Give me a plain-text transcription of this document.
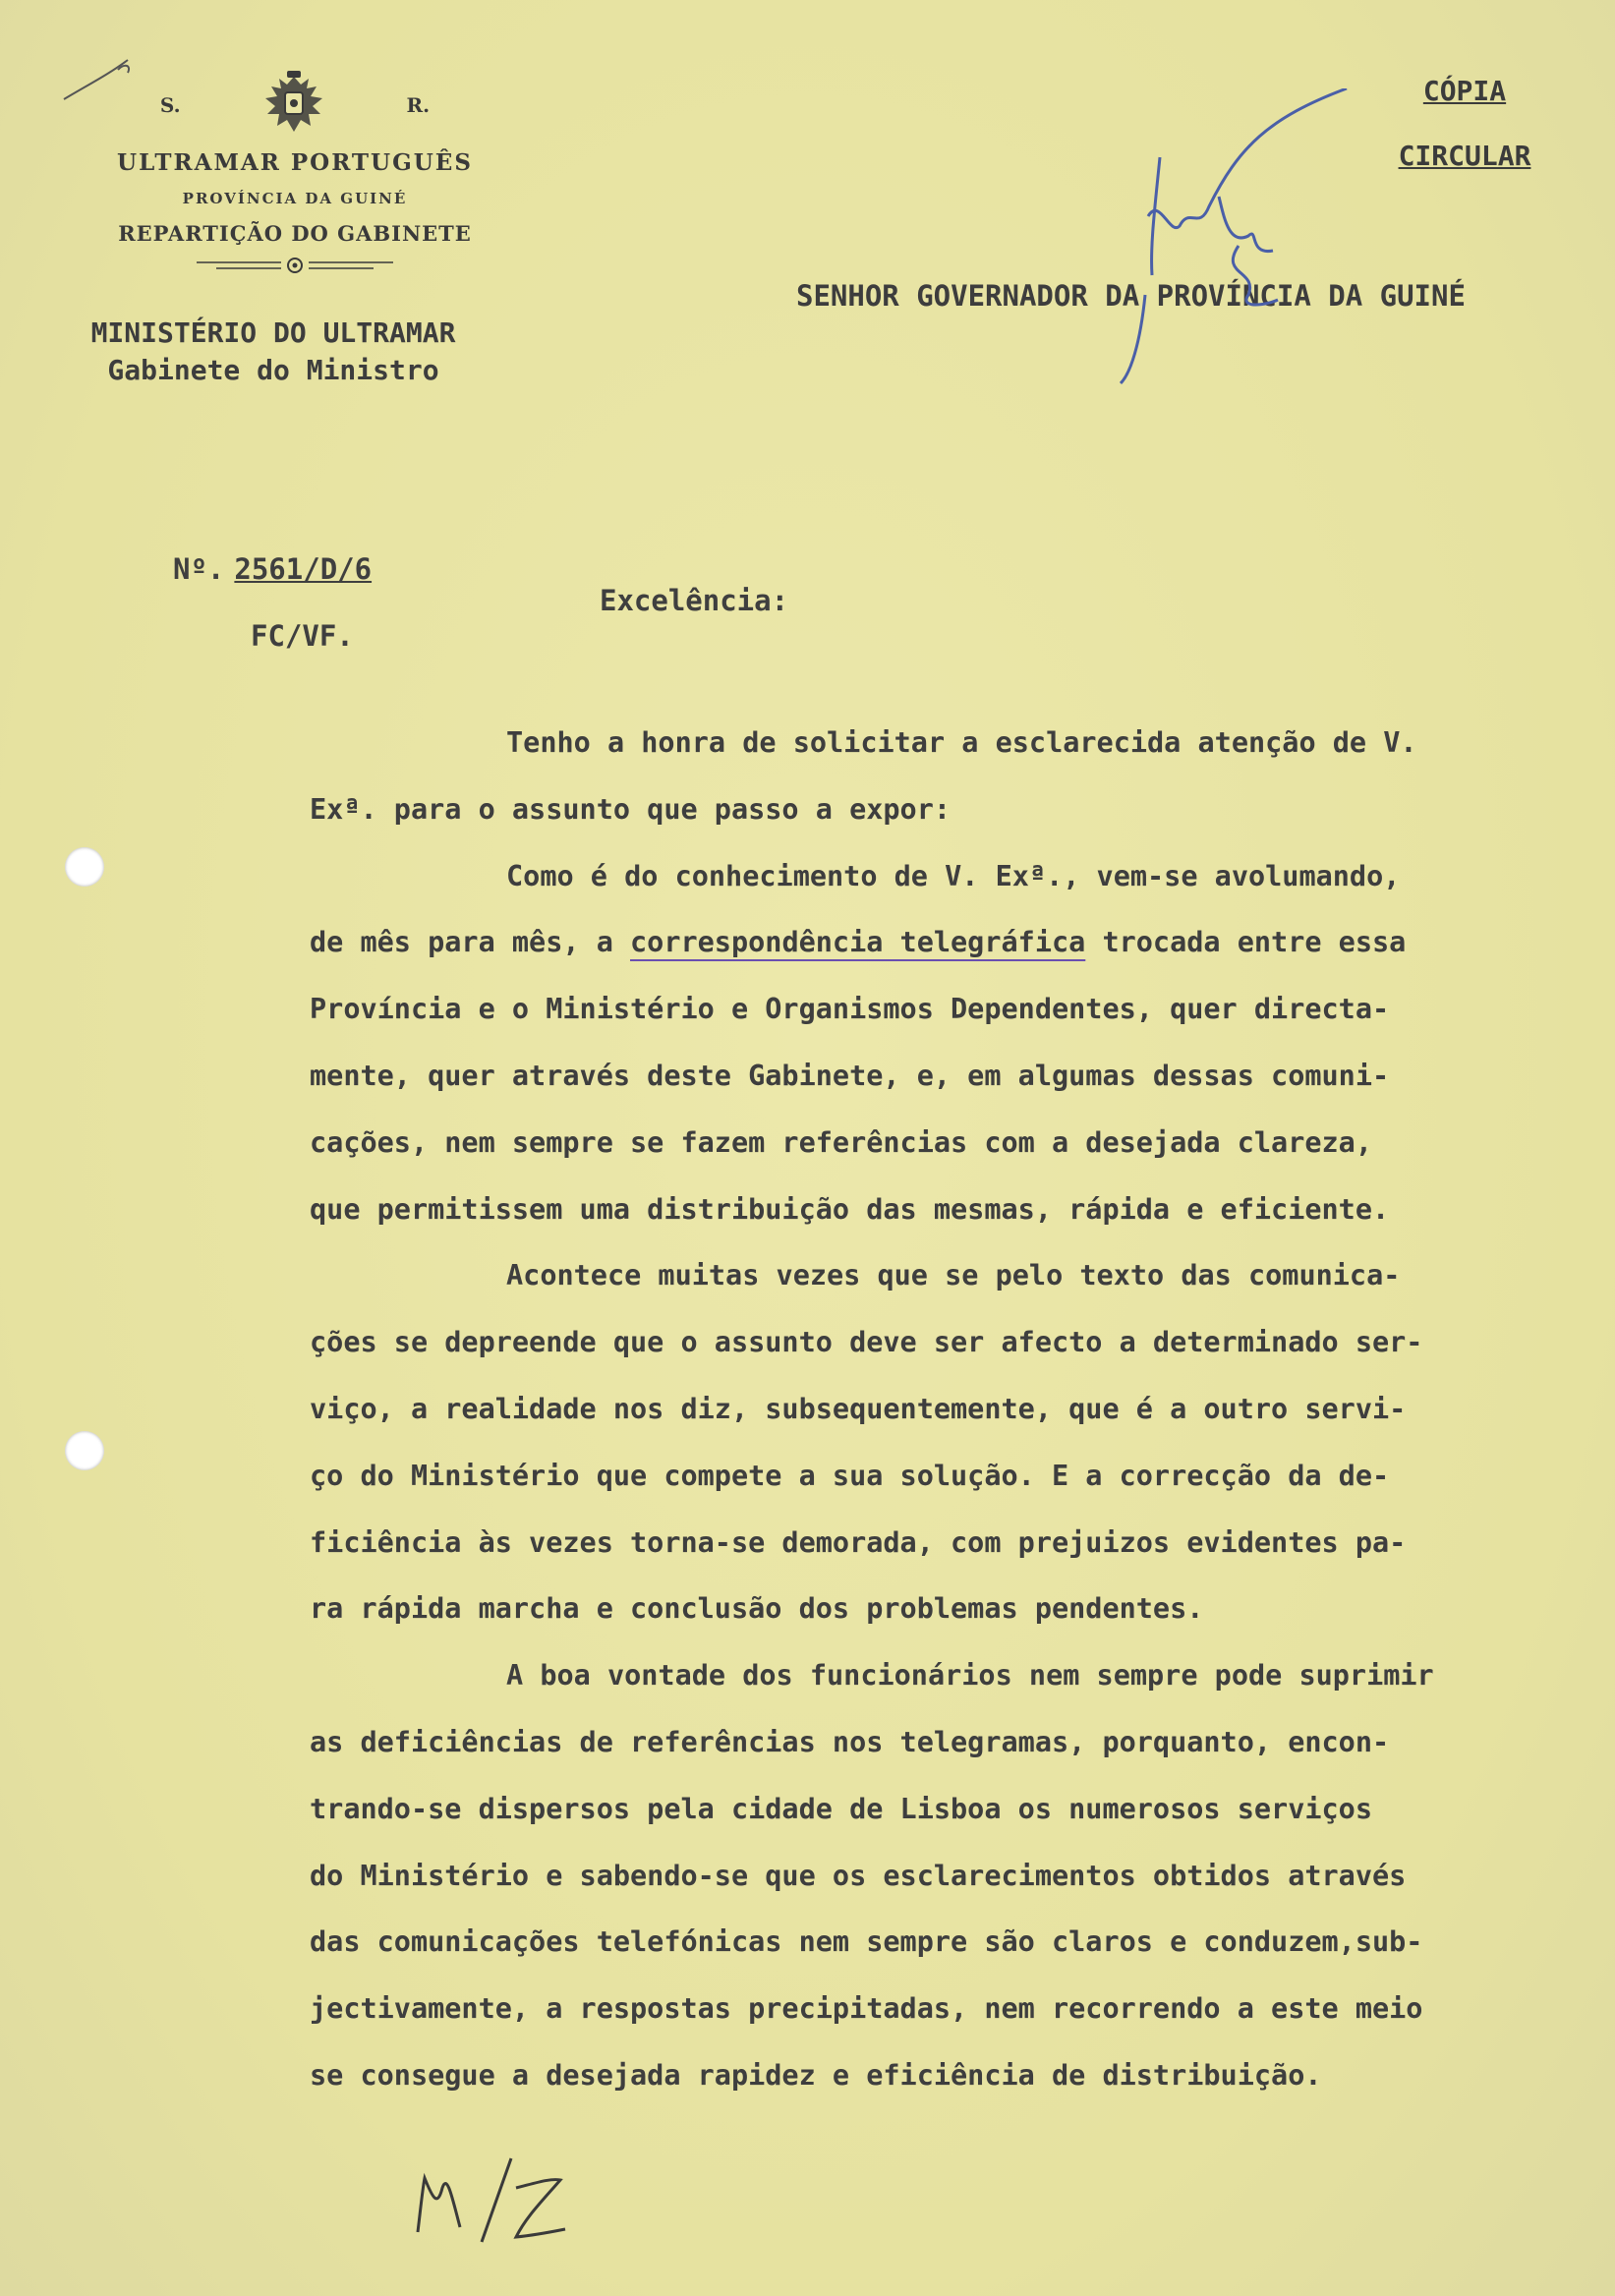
S.	R.
ULTRAMAR PORTUGUÊS
PROVÍNCIA DA GUINÉ
REPARTIÇÃO DO GABINETE
MINISTÉRIO DO ULTRAMAR
Gabinete do Ministro
CÓPIA
CIRCULAR
SENHOR GOVERNADOR DA PROVÍNCIA DA GUINÉ
Nº. 2561/D/6
FC/VF.
Excelência:
Tenho a honra de solicitar a esclarecida atenção de V.
Exª. para o assunto que passo a expor:
Como é do conhecimento de V. Exª., vem-se avolumando,
de mês para mês, a correspondência telegráfica trocada entre essa
Província e o Ministério e Organismos Dependentes, quer directa-
mente, quer através deste Gabinete, e, em algumas dessas comuni-
cações, nem sempre se fazem referências com a desejada clareza,
que permitissem uma distribuição das mesmas, rápida e eficiente.
Acontece muitas vezes que se pelo texto das comunica-
ções se depreende que o assunto deve ser afecto a determinado ser-
viço, a realidade nos diz, subsequentemente, que é a outro servi-
ço do Ministério que compete a sua solução. E a correcção da de-
ficiência às vezes torna-se demorada, com prejuizos evidentes pa-
ra rápida marcha e conclusão dos problemas pendentes.
A boa vontade dos funcionários nem sempre pode suprimir
as deficiências de referências nos telegramas, porquanto, encon-
trando-se dispersos pela cidade de Lisboa os numerosos serviços
do Ministério e sabendo-se que os esclarecimentos obtidos através
das comunicações telefónicas nem sempre são claros e conduzem,sub-
jectivamente, a respostas precipitadas, nem recorrendo a este meio
se consegue a desejada rapidez e eficiência de distribuição.
